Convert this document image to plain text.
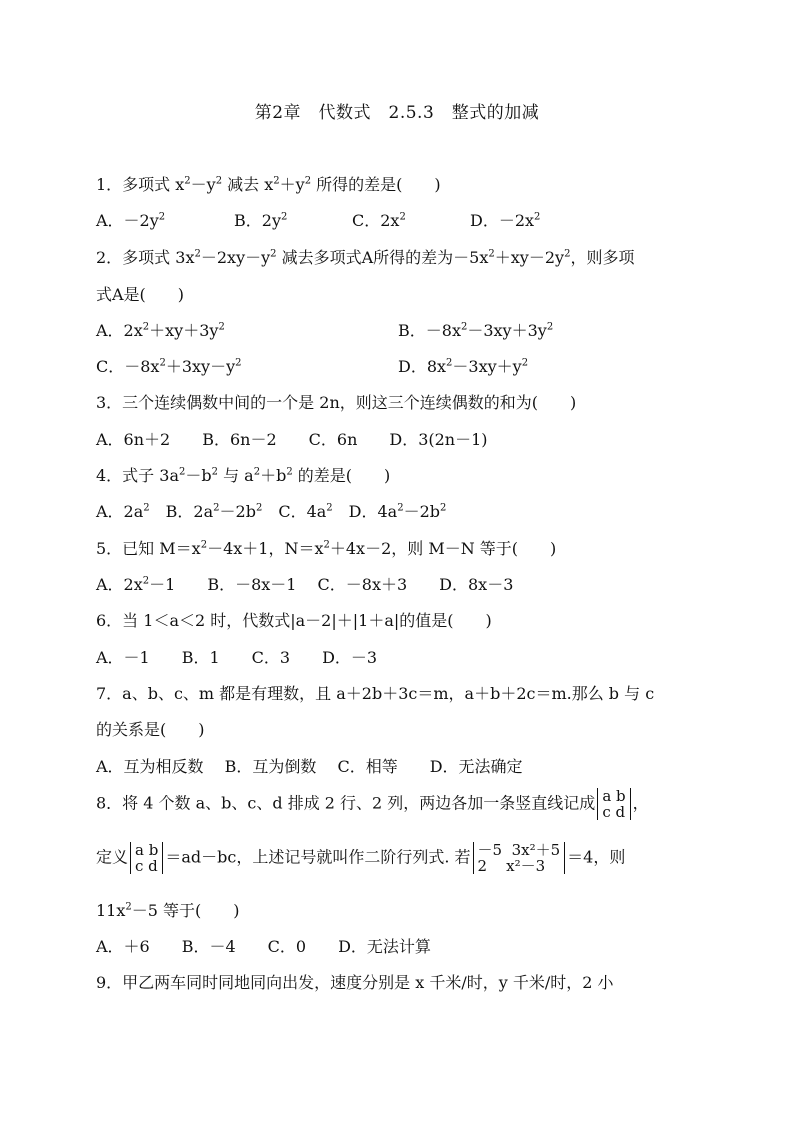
第2章　代数式　2.5.3　整式的加减
1．多项式 $x^2-y^2$ 减去 $x^2+y^2$ 所得的差是(　　)
A．$-2y^2$	B．$2y^2$	C．$2x^2$	D．$-2x^2$
2．多项式 $3x^2-2xy-y^2$ 减去多项式A所得的差为$-5x^2+xy-2y^2$，则多项
式A是(　　)
A．$2x^2+xy+3y^2$	B．$-8x^2-3xy+3y^2$
C．$-8x^2+3xy-y^2$	D．$8x^2-3xy+y^2$
3．三个连续偶数中间的一个是 2n，则这三个连续偶数的和为(　　)
A．6n＋2　　B．6n－2　　C．6n　　D．3(2n－1)
4．式子 $3a^2-b^2$ 与 $a^2+b^2$ 的差是(　　)
A．$2a^2$　B．$2a^2-2b^2$　C．$4a^2$　D．$4a^2-2b^2$
5．已知 $M=x^2-4x+1$，$N=x^2+4x-2$，则 M－N 等于(　　)
A．$2x^2-1$　　B．－8x－1　 C．－8x＋3　　D．8x－3
6．当 1＜a＜2 时，代数式|a－2|＋|1＋a|的值是(　　)
A．－1　　B．1　　C．3　　D．－3
7．a、b、c、m 都是有理数，且 a＋2b＋3c＝m，a＋b＋2c＝m.那么 b 与 c
的关系是(　　)
A．互为相反数　 B．互为倒数　 C．相等　　D．无法确定
8．将 4 个数 a、b、c、d 排成 2 行、2 列，两边各加一条竖直线记成 a b
c d ，
定义 a b
c d ＝ad－bc，上述记号就叫作二阶行列式. 若 －5  3x²＋5
2    x²－3	＝4，则
$11x^2-5$ 等于(　　)
A．＋6　　B．－4　　C．0　　D．无法计算
9．甲乙两车同时同地同向出发，速度分别是 x 千米/时，y 千米/时，2 小
